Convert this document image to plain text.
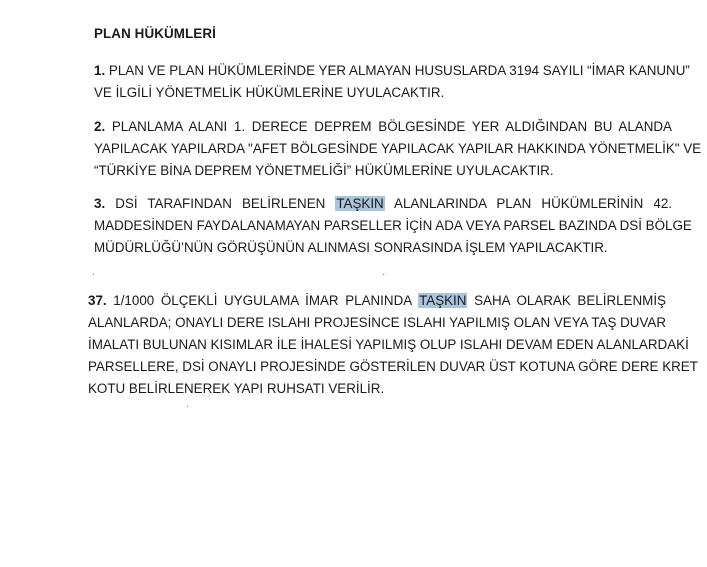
PLAN HÜKÜMLERİ
1. PLAN VE PLAN HÜKÜMLERİNDE YER ALMAYAN HUSUSLARDA 3194 SAYILI “İMAR KANUNU”
VE İLGİLİ YÖNETMELİK HÜKÜMLERİNE UYULACAKTIR.
2. PLANLAMA ALANI 1. DERECE DEPREM BÖLGESİNDE YER ALDIĞINDAN BU ALANDA
YAPILACAK YAPILARDA "AFET BÖLGESİNDE YAPILACAK YAPILAR HAKKINDA YÖNETMELİK" VE
“TÜRKİYE BİNA DEPREM YÖNETMELİĞİ” HÜKÜMLERİNE UYULACAKTIR.
3. DSİ TARAFINDAN BELİRLENEN TAŞKIN ALANLARINDA PLAN HÜKÜMLERİNİN 42.
MADDESİNDEN FAYDALANAMAYAN PARSELLER İÇİN ADA VEYA PARSEL BAZINDA DSİ BÖLGE
MÜDÜRLÜĞÜ’NÜN GÖRÜŞÜNÜN ALINMASI SONRASINDA İŞLEM YAPILACAKTIR.
ˌ	ˏ
37. 1/1000 ÖLÇEKLİ UYGULAMA İMAR PLANINDA TAŞKIN SAHA OLARAK BELİRLENMİŞ
ALANLARDA; ONAYLI DERE ISLAHI PROJESİNCE ISLAHI YAPILMIŞ OLAN VEYA TAŞ DUVAR
İMALATI BULUNAN KISIMLAR İLE İHALESİ YAPILMIŞ OLUP ISLAHI DEVAM EDEN ALANLARDAKİ
PARSELLERE, DSİ ONAYLI PROJESİNDE GÖSTERİLEN DUVAR ÜST KOTUNA GÖRE DERE KRET
KOTU BELİRLENEREK YAPI RUHSATI VERİLİR.
ˌ
